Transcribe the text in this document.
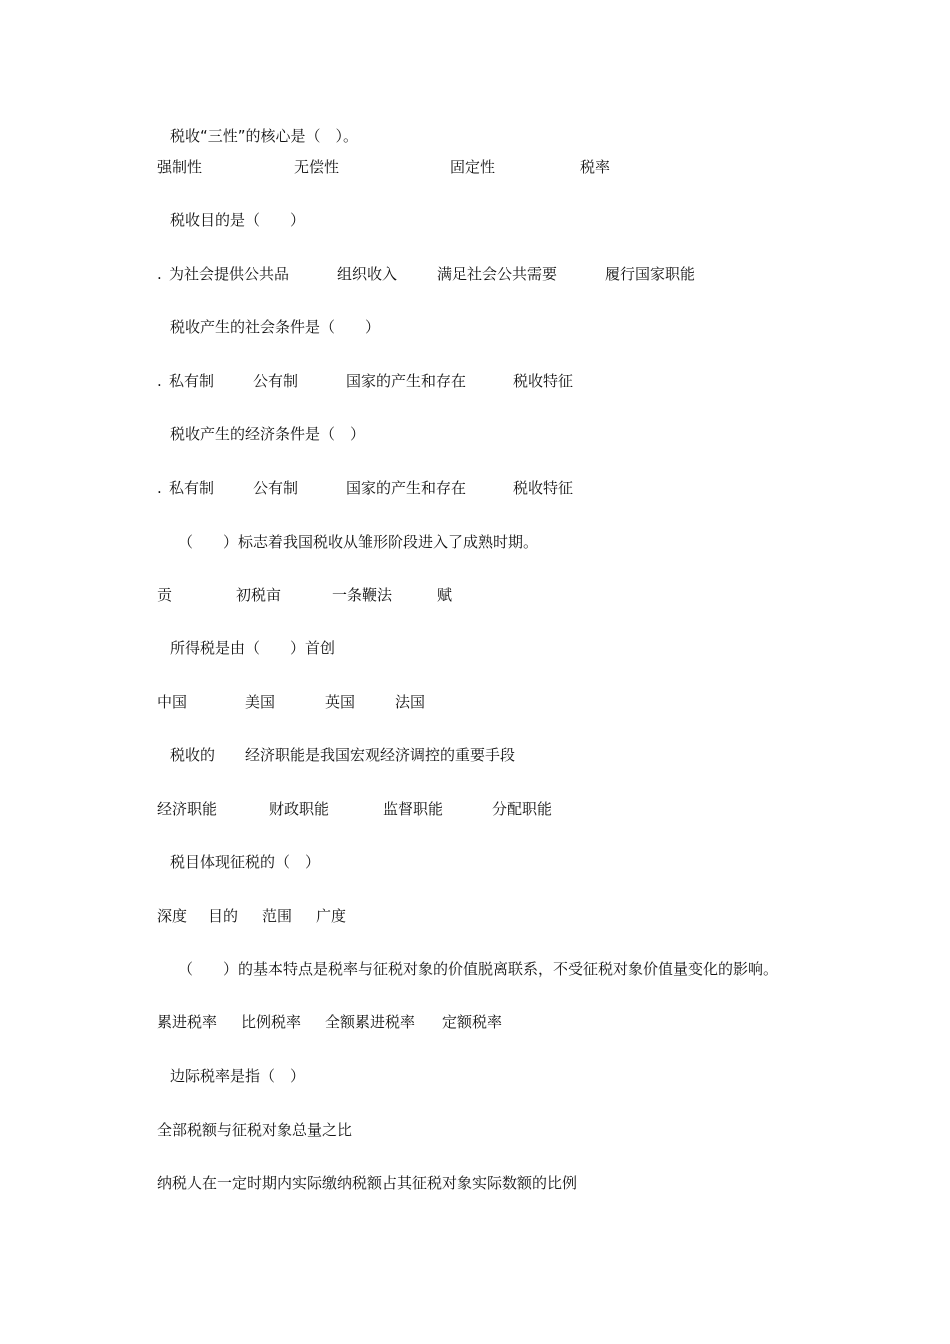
税收“三性”的核心是（　）。
强制性	无偿性	固定性	税率
税收目的是（　　）
. 为社会提供公共品	组织收入	满足社会公共需要	履行国家职能
税收产生的社会条件是（　　）
. 私有制	公有制	国家的产生和存在	税收特征
税收产生的经济条件是（　）
. 私有制	公有制	国家的产生和存在	税收特征
（　　）标志着我国税收从雏形阶段进入了成熟时期。
贡	初税亩	一条鞭法	赋
所得税是由（　　）首创
中国	美国	英国	法国
税收的　　经济职能是我国宏观经济调控的重要手段
经济职能	财政职能	监督职能	分配职能
税目体现征税的（　）
深度 目的 范围 广度
（　　）的基本特点是税率与征税对象的价值脱离联系，不受征税对象价值量变化的影响。
累进税率 比例税率 全额累进税率 定额税率
边际税率是指（　）
全部税额与征税对象总量之比
纳税人在一定时期内实际缴纳税额占其征税对象实际数额的比例
